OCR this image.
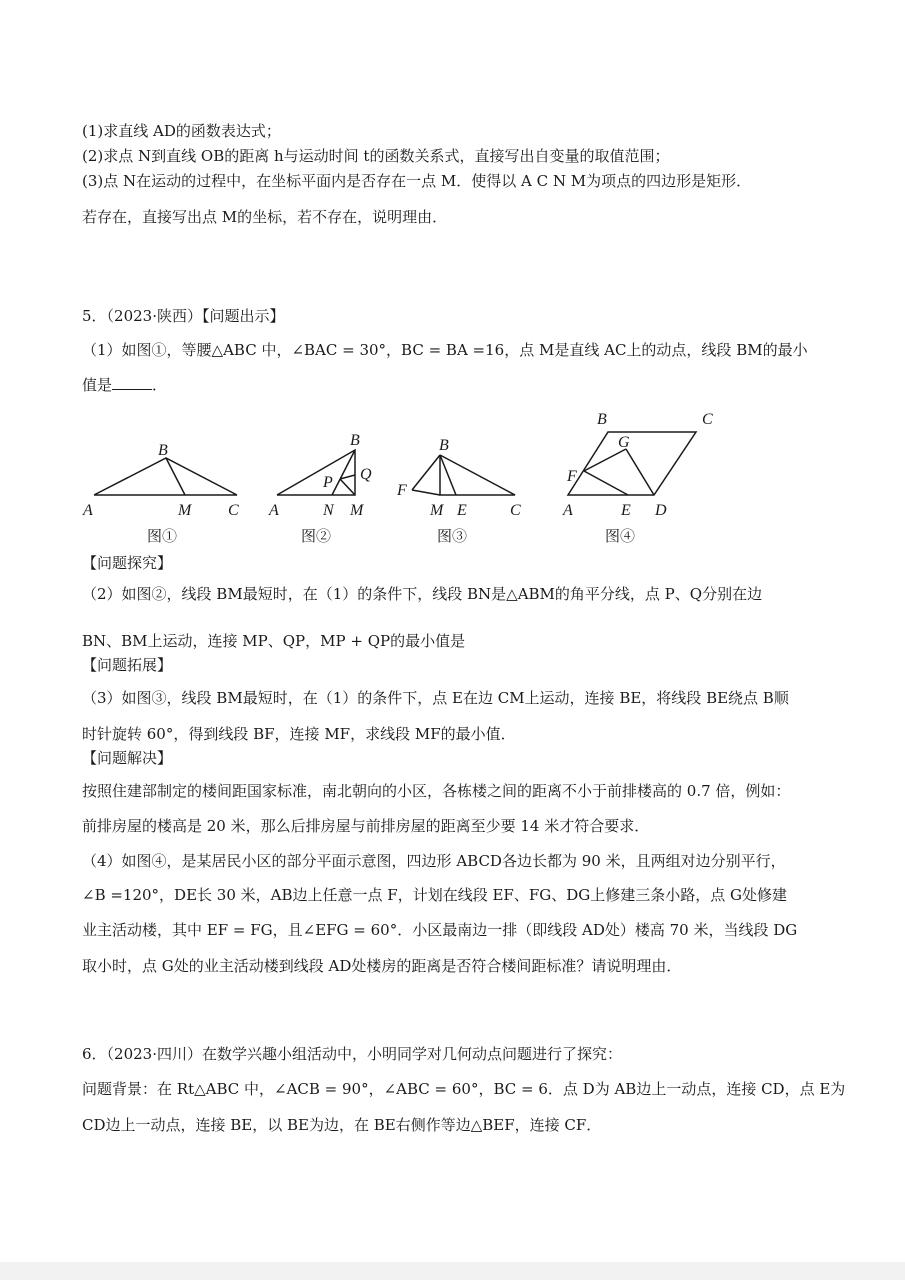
(1)求直线 AD的函数表达式；
(2)求点 N到直线 OB的距离 h与运动时间 t的函数关系式，直接写出自变量的取值范围；
(3)点 N在运动的过程中，在坐标平面内是否存在一点 M．使得以 A C N M为项点的四边形是矩形．
若存在，直接写出点 M的坐标，若不存在，说明理由．
5．（2023·陕西）【问题出示】
（1）如图①，等腰△ABC 中，∠BAC = 30°，BC = BA =16，点 M是直线 AC上的动点，线段 BM的最小
值是	．
B
A	M C
B
Q
P
A	N M
B
F
M E	C
B	C
G
F
A	E D
图①	图②	图③	图④
【问题探究】
（2）如图②，线段 BM最短时，在（1）的条件下，线段 BN是△ABM的角平分线，点 P、Q分别在边
BN、BM上运动，连接 MP、QP，MP + QP的最小值是
【问题拓展】
（3）如图③，线段 BM最短时，在（1）的条件下，点 E在边 CM上运动，连接 BE，将线段 BE绕点 B顺
时针旋转 60°，得到线段 BF，连接 MF，求线段 MF的最小值．
【问题解决】
按照住建部制定的楼间距国家标准，南北朝向的小区，各栋楼之间的距离不小于前排楼高的 0.7 倍，例如：
前排房屋的楼高是 20 米，那么后排房屋与前排房屋的距离至少要 14 米才符合要求．
（4）如图④，是某居民小区的部分平面示意图，四边形 ABCD各边长都为 90 米，且两组对边分别平行，
∠B =120°，DE长 30 米，AB边上任意一点 F，计划在线段 EF、FG、DG上修建三条小路，点 G处修建
业主活动楼，其中 EF = FG，且∠EFG = 60°．小区最南边一排（即线段 AD处）楼高 70 米，当线段 DG
取小时，点 G处的业主活动楼到线段 AD处楼房的距离是否符合楼间距标准？请说明理由．
6．（2023·四川）在数学兴趣小组活动中，小明同学对几何动点问题进行了探究：
问题背景：在 Rt△ABC 中，∠ACB = 90°，∠ABC = 60°，BC = 6．点 D为 AB边上一动点，连接 CD，点 E为
CD边上一动点，连接 BE，以 BE为边，在 BE右侧作等边△BEF，连接 CF．
